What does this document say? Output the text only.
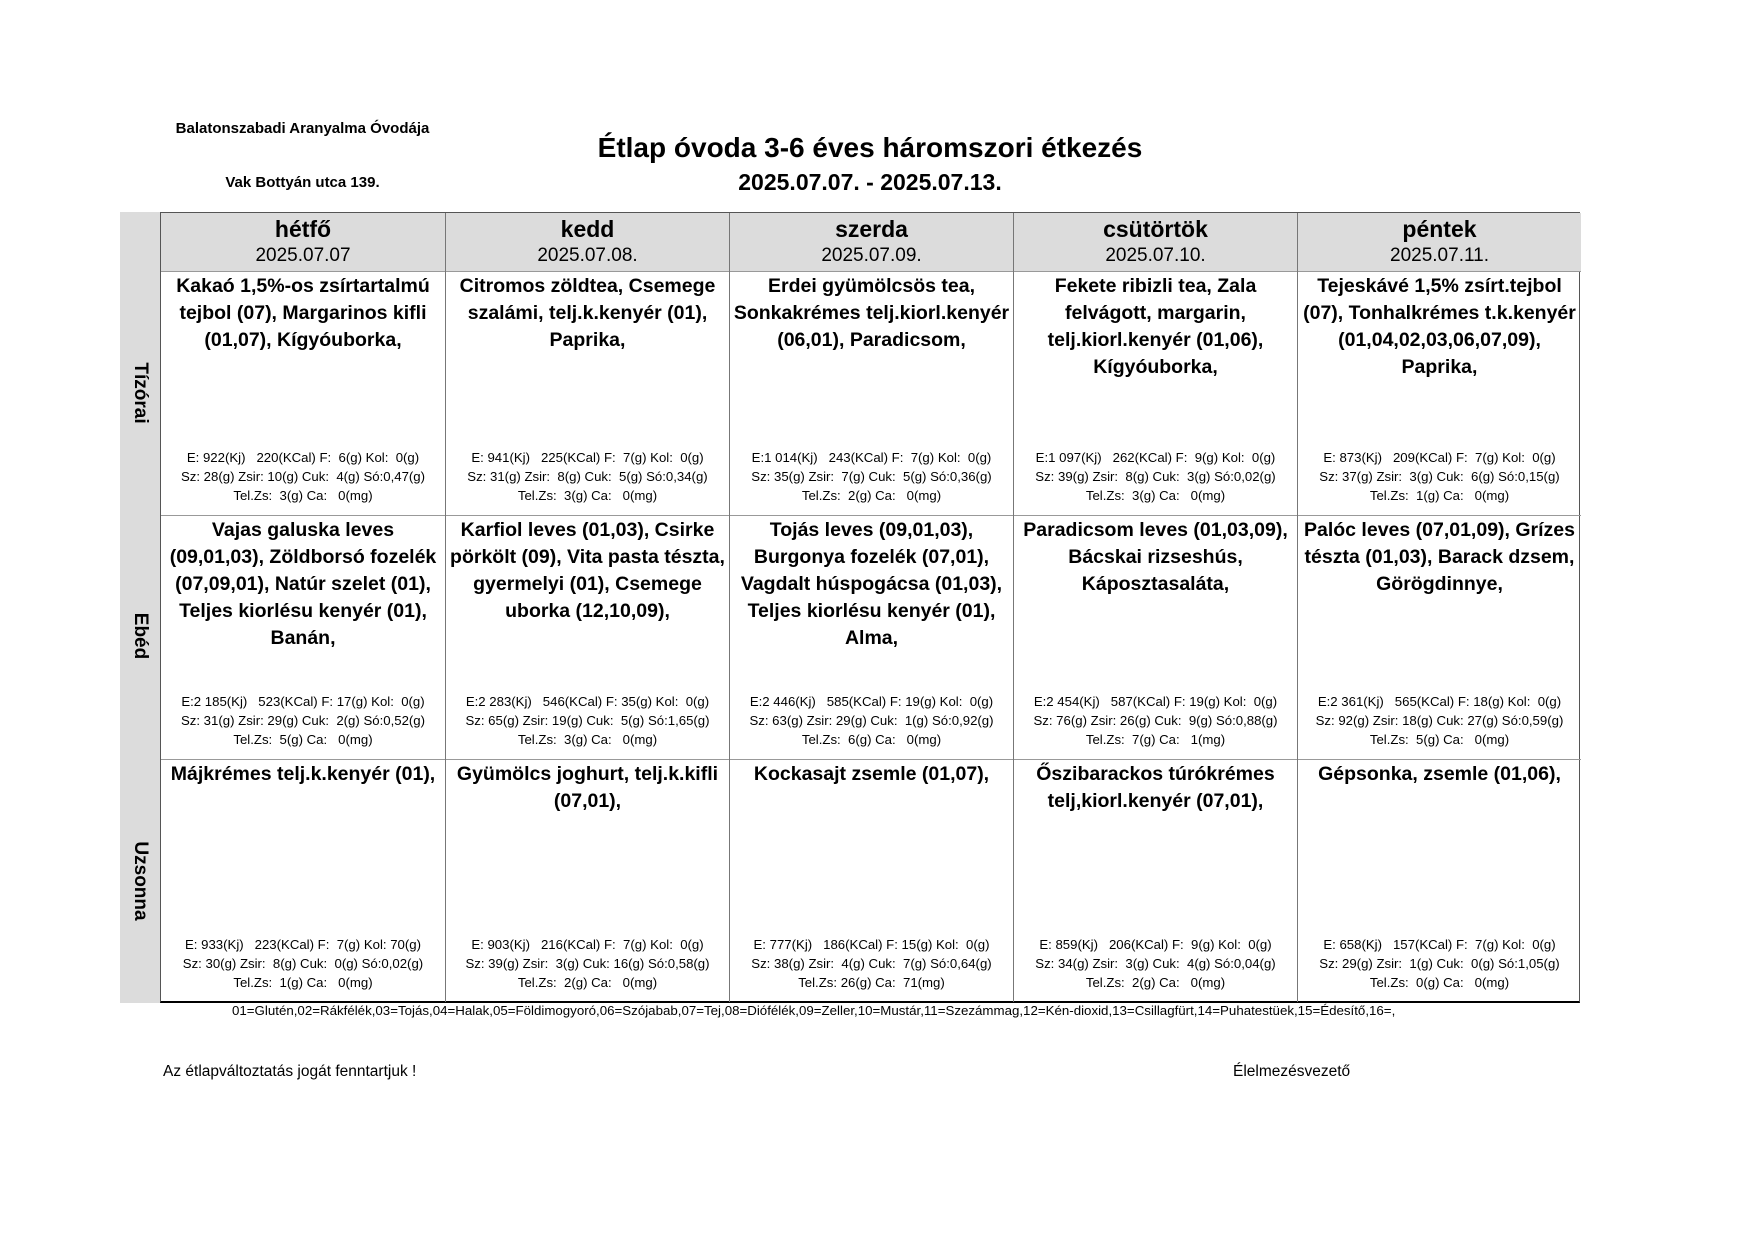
Balatonszabadi Aranyalma Óvodája
Vak Bottyán utca 139.
Étlap óvoda 3-6 éves háromszori étkezés
2025.07.07. - 2025.07.13.
Tízórai
Ebéd
Uzsonna
hétfő
2025.07.07
Kakaó 1,5%-os zsírtartalmú tejbol (07), Margarinos kifli (01,07), Kígyóuborka,
E: 922(Kj)   220(KCal) F:  6(g) Kol:  0(g)
Sz: 28(g) Zsir: 10(g) Cuk:  4(g) Só:0,47(g)
Tel.Zs:  3(g) Ca:   0(mg)
Vajas galuska leves (09,01,03), Zöldborsó fozelék (07,09,01), Natúr szelet (01), Teljes kiorlésu kenyér (01), Banán,
E:2 185(Kj)   523(KCal) F: 17(g) Kol:  0(g)
Sz: 31(g) Zsir: 29(g) Cuk:  2(g) Só:0,52(g)
Tel.Zs:  5(g) Ca:   0(mg)
Májkrémes telj.k.kenyér (01),
E: 933(Kj)   223(KCal) F:  7(g) Kol: 70(g)
Sz: 30(g) Zsir:  8(g) Cuk:  0(g) Só:0,02(g)
Tel.Zs:  1(g) Ca:   0(mg)
kedd
2025.07.08.
Citromos zöldtea, Csemege szalámi, telj.k.kenyér (01), Paprika,
E: 941(Kj)   225(KCal) F:  7(g) Kol:  0(g)
Sz: 31(g) Zsir:  8(g) Cuk:  5(g) Só:0,34(g)
Tel.Zs:  3(g) Ca:   0(mg)
Karfiol leves (01,03), Csirke pörkölt (09), Vita pasta tészta, gyermelyi (01), Csemege uborka (12,10,09),
E:2 283(Kj)   546(KCal) F: 35(g) Kol:  0(g)
Sz: 65(g) Zsir: 19(g) Cuk:  5(g) Só:1,65(g)
Tel.Zs:  3(g) Ca:   0(mg)
Gyümölcs joghurt, telj.k.kifli (07,01),
E: 903(Kj)   216(KCal) F:  7(g) Kol:  0(g)
Sz: 39(g) Zsir:  3(g) Cuk: 16(g) Só:0,58(g)
Tel.Zs:  2(g) Ca:   0(mg)
szerda
2025.07.09.
Erdei gyümölcsös tea, Sonkakrémes telj.kiorl.kenyér (06,01), Paradicsom,
E:1 014(Kj)   243(KCal) F:  7(g) Kol:  0(g)
Sz: 35(g) Zsir:  7(g) Cuk:  5(g) Só:0,36(g)
Tel.Zs:  2(g) Ca:   0(mg)
Tojás leves (09,01,03), Burgonya fozelék (07,01), Vagdalt húspogácsa (01,03), Teljes kiorlésu kenyér (01), Alma,
E:2 446(Kj)   585(KCal) F: 19(g) Kol:  0(g)
Sz: 63(g) Zsir: 29(g) Cuk:  1(g) Só:0,92(g)
Tel.Zs:  6(g) Ca:   0(mg)
Kockasajt zsemle (01,07),
E: 777(Kj)   186(KCal) F: 15(g) Kol:  0(g)
Sz: 38(g) Zsir:  4(g) Cuk:  7(g) Só:0,64(g)
Tel.Zs: 26(g) Ca:  71(mg)
csütörtök
2025.07.10.
Fekete ribizli tea, Zala felvágott, margarin, telj.kiorl.kenyér (01,06), Kígyóuborka,
E:1 097(Kj)   262(KCal) F:  9(g) Kol:  0(g)
Sz: 39(g) Zsir:  8(g) Cuk:  3(g) Só:0,02(g)
Tel.Zs:  3(g) Ca:   0(mg)
Paradicsom leves (01,03,09), Bácskai rizseshús, Káposztasaláta,
E:2 454(Kj)   587(KCal) F: 19(g) Kol:  0(g)
Sz: 76(g) Zsir: 26(g) Cuk:  9(g) Só:0,88(g)
Tel.Zs:  7(g) Ca:   1(mg)
Őszibarackos túrókrémes telj,kiorl.kenyér (07,01),
E: 859(Kj)   206(KCal) F:  9(g) Kol:  0(g)
Sz: 34(g) Zsir:  3(g) Cuk:  4(g) Só:0,04(g)
Tel.Zs:  2(g) Ca:   0(mg)
péntek
2025.07.11.
Tejeskávé 1,5% zsírt.tejbol (07), Tonhalkrémes t.k.kenyér (01,04,02,03,06,07,09), Paprika,
E: 873(Kj)   209(KCal) F:  7(g) Kol:  0(g)
Sz: 37(g) Zsir:  3(g) Cuk:  6(g) Só:0,15(g)
Tel.Zs:  1(g) Ca:   0(mg)
Palóc leves (07,01,09), Grízes tészta (01,03), Barack dzsem, Görögdinnye,
E:2 361(Kj)   565(KCal) F: 18(g) Kol:  0(g)
Sz: 92(g) Zsir: 18(g) Cuk: 27(g) Só:0,59(g)
Tel.Zs:  5(g) Ca:   0(mg)
Gépsonka, zsemle (01,06),
E: 658(Kj)   157(KCal) F:  7(g) Kol:  0(g)
Sz: 29(g) Zsir:  1(g) Cuk:  0(g) Só:1,05(g)
Tel.Zs:  0(g) Ca:   0(mg)
01=Glutén,02=Rákfélék,03=Tojás,04=Halak,05=Földimogyoró,06=Szójabab,07=Tej,08=Diófélék,09=Zeller,10=Mustár,11=Szezámmag,12=Kén-dioxid,13=Csillagfürt,14=Puhatestüek,15=Édesítő,16=,
Az étlapváltoztatás jogát fenntartjuk !	Élelmezésvezető
